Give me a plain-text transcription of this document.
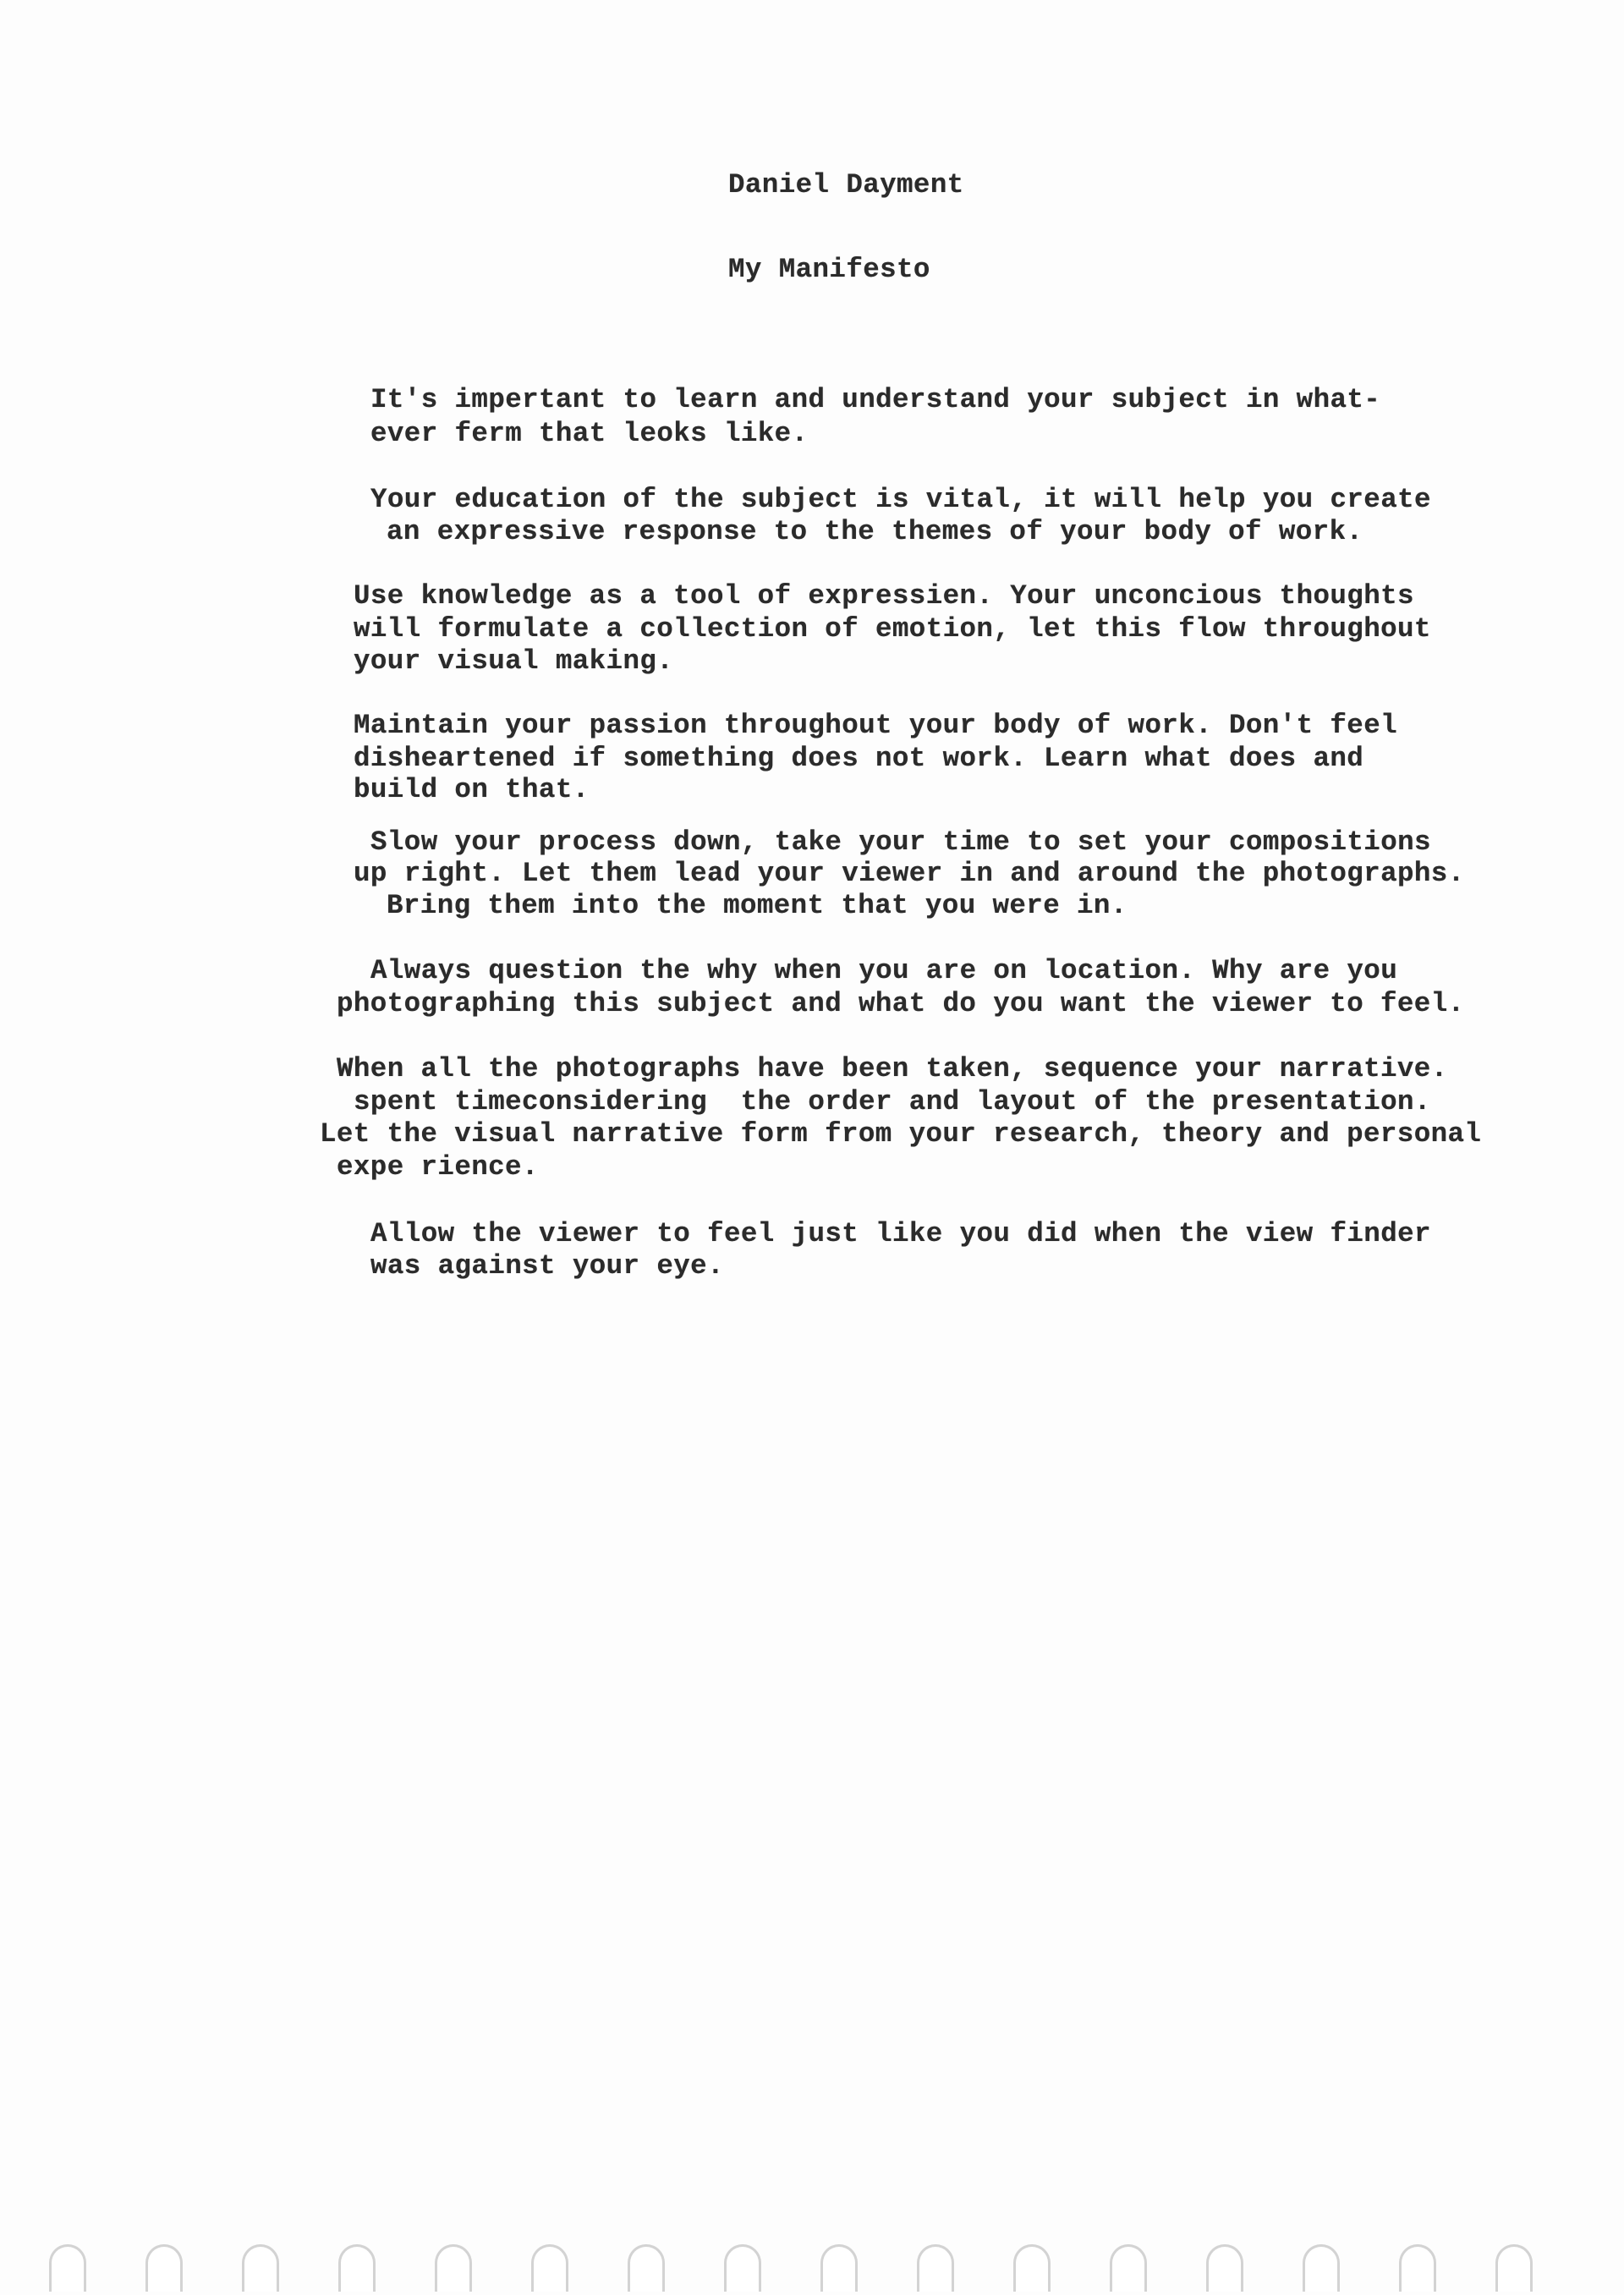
Daniel Dayment
My Manifesto
It's impertant to learn and understand your subject in what-
ever ferm that leoks like.
Your education of the subject is vital, it will help you create
an expressive response to the themes of your body of work.
Use knowledge as a tool of expressien. Your unconcious thoughts
will formulate a collection of emotion, let this flow throughout
your visual making.
Maintain your passion throughout your body of work. Don't feel
disheartened if something does not work. Learn what does and
build on that.
Slow your process down, take your time to set your compositions
up right. Let them lead your viewer in and around the photographs.
Bring them into the moment that you were in.
Always question the why when you are on location. Why are you
photographing this subject and what do you want the viewer to feel.
When all the photographs have been taken, sequence your narrative.
spent timeconsidering  the order and layout of the presentation.
Let the visual narrative form from your research, theory and personal
expe rience.
Allow the viewer to feel just like you did when the view finder
was against your eye.
